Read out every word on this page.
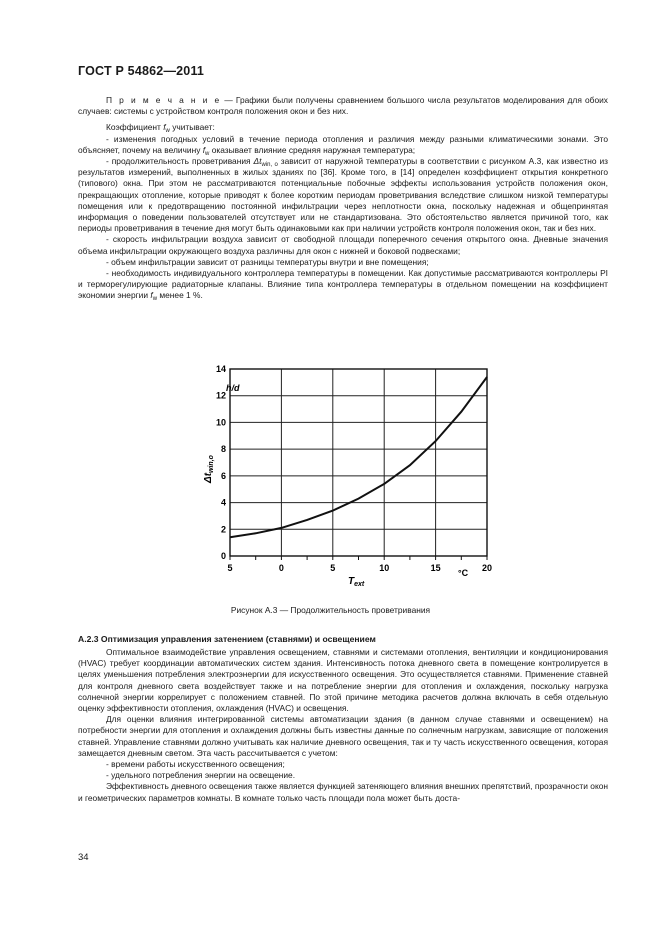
ГОСТ Р 54862—2011

П р и м е ч а н и е — Графики были получены сравнением большого числа результатов моделирования для обоих случаев: системы с устройством контроля положения окон и без них.

Коэффициент $f_w$ учитывает:

- изменения погодных условий в течение периода отопления и различия между разными климатическими зонами. Это объясняет, почему на величину $f_w$ оказывает влияние средняя наружная температура;

- продолжительность проветривания $\Delta t_{win, o}$ зависит от наружной температуры в соответствии с рисунком А.3, как известно из результатов измерений, выполненных в жилых зданиях по [36]. Кроме того, в [14] определен коэффициент открытия конкретного (типового) окна. При этом не рассматриваются потенциальные побочные эффекты использования устройств положения окон, прекращающих отопление, которые приводят к более коротким периодам проветривания вследствие слишком низкой температуры помещения или к предотвращению постоянной инфильтрации через неплотности окна, поскольку надежная и общепринятая информация о поведении пользователей отсутствует или не стандартизована. Это обстоятельство является причиной того, как периоды проветривания в течение дня могут быть одинаковыми как при наличии устройств контроля положения окон, так и без них.

- скорость инфильтрации воздуха зависит от свободной площади поперечного сечения открытого окна. Дневные значения объема инфильтрации окружающего воздуха различны для окон с нижней и боковой подвесками;

- объем инфильтрации зависит от разницы температуры внутри и вне помещения;

- необходимость индивидуального контроллера температуры в помещении. Как допустимые рассматриваются контроллеры PI и терморегулирующие радиаторные клапаны. Влияние типа контроллера температуры в отдельном помещении на коэффициент экономии энергии $f_w$ менее 1 %.

5	0	5	10	15	20
0
2
4
6
8
10
12
14
h/d
°C
$T_{ext}$
$\Delta t_{win,o}$
Рисунок А.3 — Продолжительность проветривания
А.2.3 Оптимизация управления затенением (ставнями) и освещением

Оптимальное взаимодействие управления освещением, ставнями и системами отопления, вентиляции и кондиционирования (HVAC) требует координации автоматических систем здания. Интенсивность потока дневного света в помещение контролируется в целях уменьшения потребления электроэнергии для искусственного освещения. Это осуществляется ставнями. Применение ставней для контроля дневного света воздействует также и на потребление энергии для отопления и охлаждения, поскольку нагрузка солнечной энергии коррелирует с положением ставней. По этой причине методика расчетов должна включать в себя отдельную оценку эффективности отопления, охлаждения (HVAC) и освещения.

Для оценки влияния интегрированной системы автоматизации здания (в данном случае ставнями и освещением) на потребности энергии для отопления и охлаждения должны быть известны данные по солнечным нагрузкам, зависящие от положения ставней. Управление ставнями должно учитывать как наличие дневного освещения, так и ту часть искусственного освещения, которая замещается дневным светом. Эта часть рассчитывается с учетом:

- времени работы искусственного освещения;

- удельного потребления энергии на освещение.

Эффективность дневного освещения также является функцией затеняющего влияния внешних препятствий, прозрачности окон и геометрических параметров комнаты. В комнате только часть площади пола может быть доста-

34
